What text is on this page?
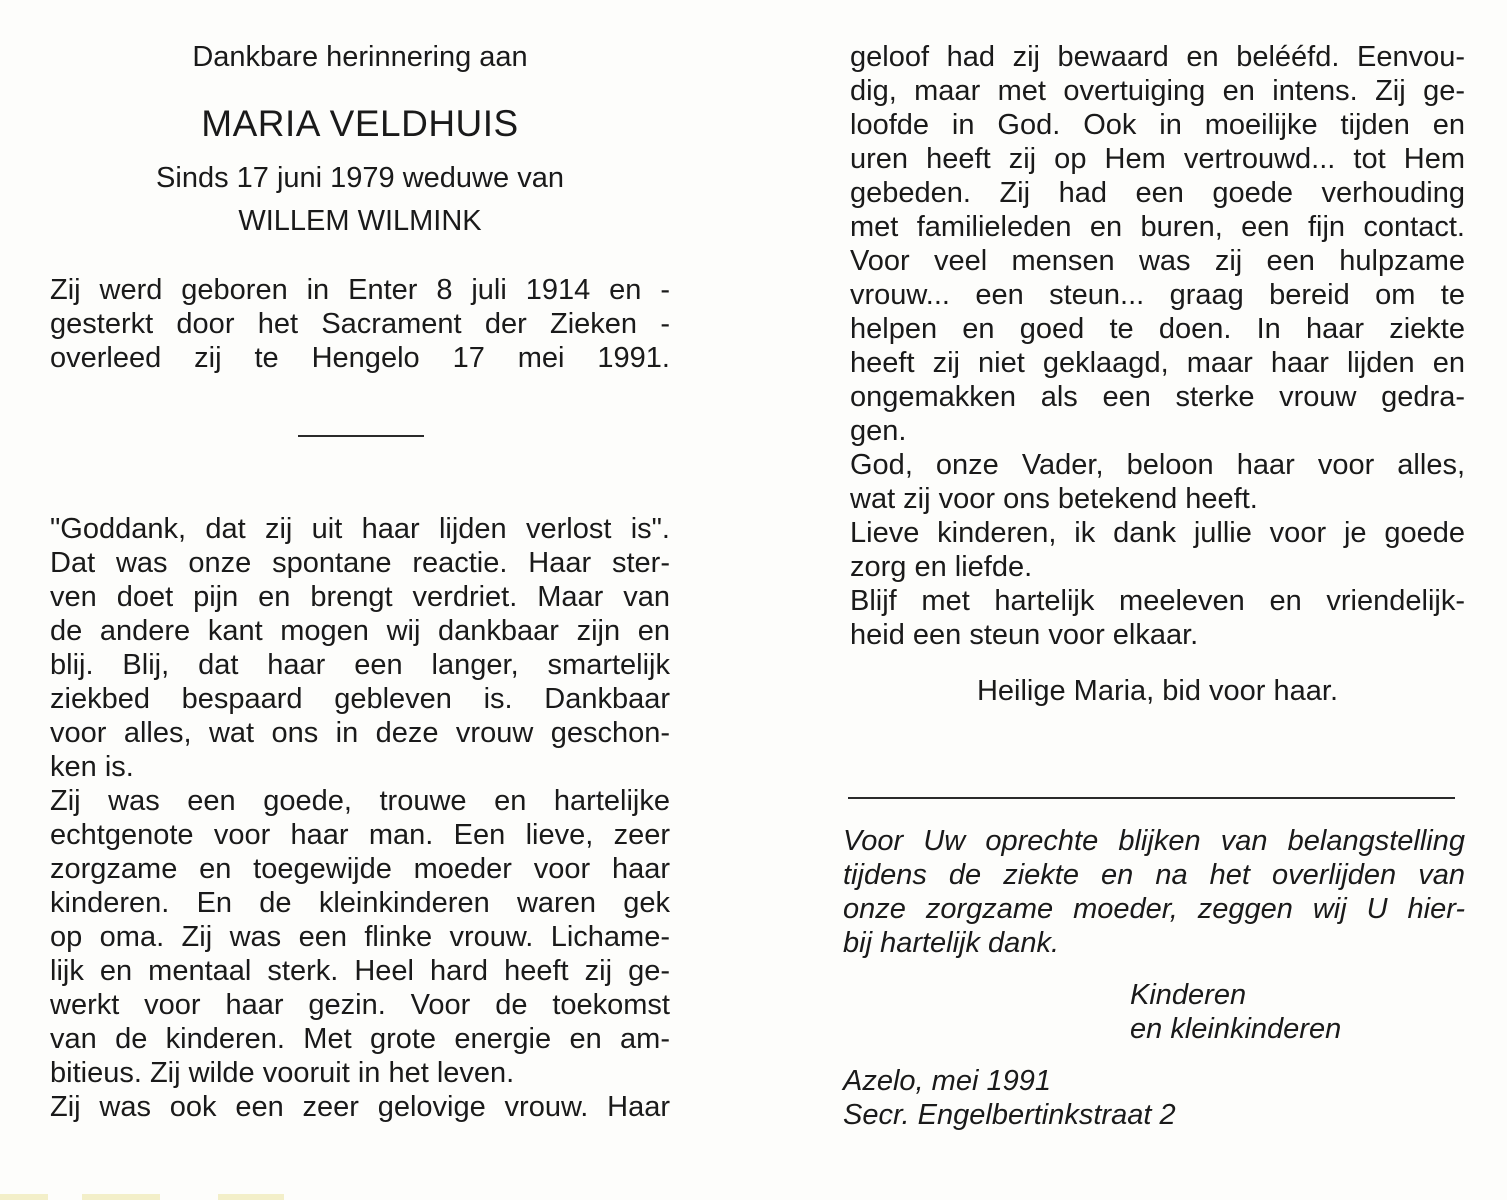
Dankbare herinnering aan
MARIA VELDHUIS
Sinds 17 juni 1979 weduwe van
WILLEM WILMINK
Zij werd geboren in Enter 8 juli 1914 en -
gesterkt door het Sacrament der Zieken -
overleed zij te Hengelo 17 mei 1991.
"Goddank, dat zij uit haar lijden verlost is".
Dat was onze spontane reactie. Haar ster-
ven doet pijn en brengt verdriet. Maar van
de andere kant mogen wij dankbaar zijn en
blij. Blij, dat haar een langer, smartelijk
ziekbed bespaard gebleven is. Dankbaar
voor alles, wat ons in deze vrouw geschon-
ken is.
Zij was een goede, trouwe en hartelijke
echtgenote voor haar man. Een lieve, zeer
zorgzame en toegewijde moeder voor haar
kinderen. En de kleinkinderen waren gek
op oma. Zij was een flinke vrouw. Lichame-
lijk en mentaal sterk. Heel hard heeft zij ge-
werkt voor haar gezin. Voor de toekomst
van de kinderen. Met grote energie en am-
bitieus. Zij wilde vooruit in het leven.
Zij was ook een zeer gelovige vrouw. Haar
geloof had zij bewaard en belééfd. Eenvou-
dig, maar met overtuiging en intens. Zij ge-
loofde in God. Ook in moeilijke tijden en
uren heeft zij op Hem vertrouwd... tot Hem
gebeden. Zij had een goede verhouding
met familieleden en buren, een fijn contact.
Voor veel mensen was zij een hulpzame
vrouw... een steun... graag bereid om te
helpen en goed te doen. In haar ziekte
heeft zij niet geklaagd, maar haar lijden en
ongemakken als een sterke vrouw gedra-
gen.
God, onze Vader, beloon haar voor alles,
wat zij voor ons betekend heeft.
Lieve kinderen, ik dank jullie voor je goede
zorg en liefde.
Blijf met hartelijk meeleven en vriendelijk-
heid een steun voor elkaar.
Heilige Maria, bid voor haar.
Voor Uw oprechte blijken van belangstelling
tijdens de ziekte en na het overlijden van
onze zorgzame moeder, zeggen wij U hier-
bij hartelijk dank.
Kinderen
en kleinkinderen
Azelo, mei 1991
Secr. Engelbertinkstraat 2
